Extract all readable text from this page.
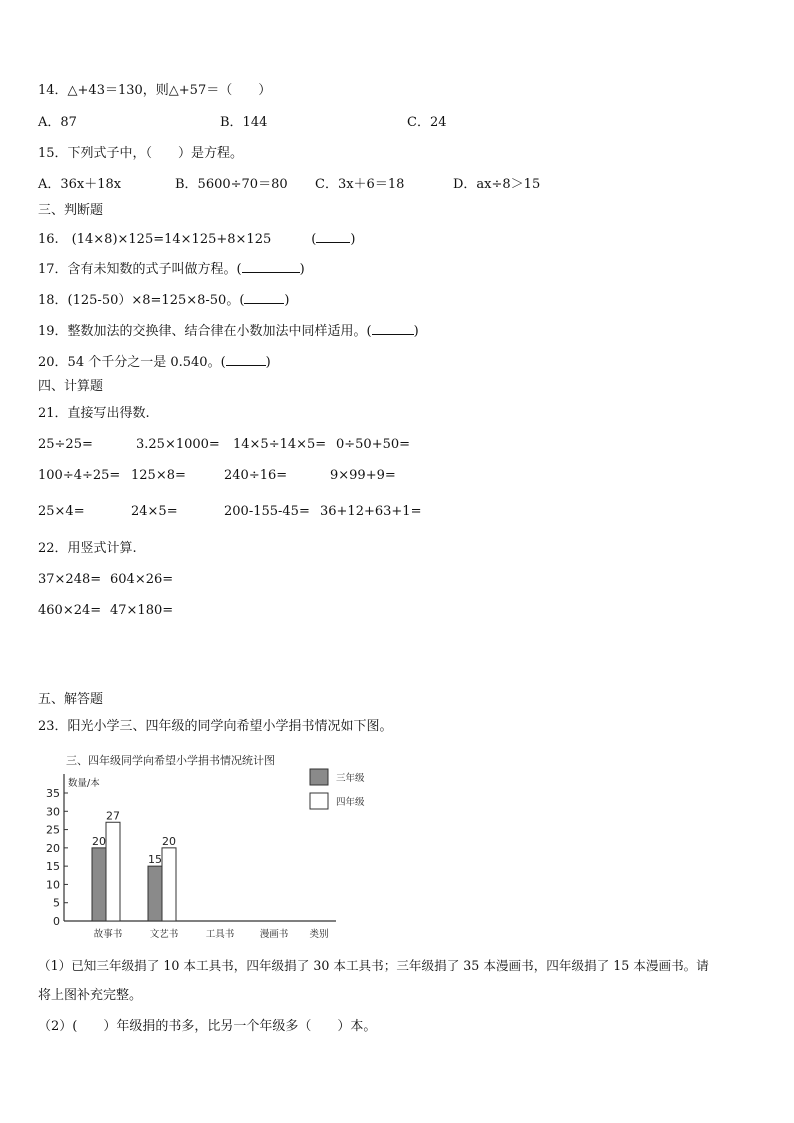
14．△+43＝130，则△+57＝（　　）
A．87	B．144	C．24
15．下列式子中，（　　）是方程。
A．36x＋18x	B．5600÷70＝80 C．3x＋6＝18	D．ax÷8＞15
三、判断题
16.　(14×8)×125=14×125+8×125	(	)
17．含有未知数的式子叫做方程。(	)
18．(125-50）×8=125×8-50。(	)
19．整数加法的交换律、结合律在小数加法中同样适用。(	)
20．54 个千分之一是 0.540。(	)
四、计算题
21．直接写出得数.
25÷25=	3.25×1000= 14×5÷14×5= 0÷50+50=
100÷4÷25= 125×8=	240÷16=	9×99+9=
25×4=	24×5=	200-155-45= 36+12+63+1=
22．用竖式计算.
37×248= 604×26=
460×24= 47×180=
五、解答题
23．阳光小学三、四年级的同学向希望小学捐书情况如下图。
三、四年级同学向希望小学捐书情况统计图
数量/本
0
5
10
15
20
25
30
35
故事书
20
27
文艺书
15
20
工具书	漫画书 类别
三年级
四年级
（1）已知三年级捐了 10 本工具书，四年级捐了 30 本工具书；三年级捐了 35 本漫画书，四年级捐了 15 本漫画书。请
将上图补充完整。
（2）(　　）年级捐的书多，比另一个年级多（　　）本。
